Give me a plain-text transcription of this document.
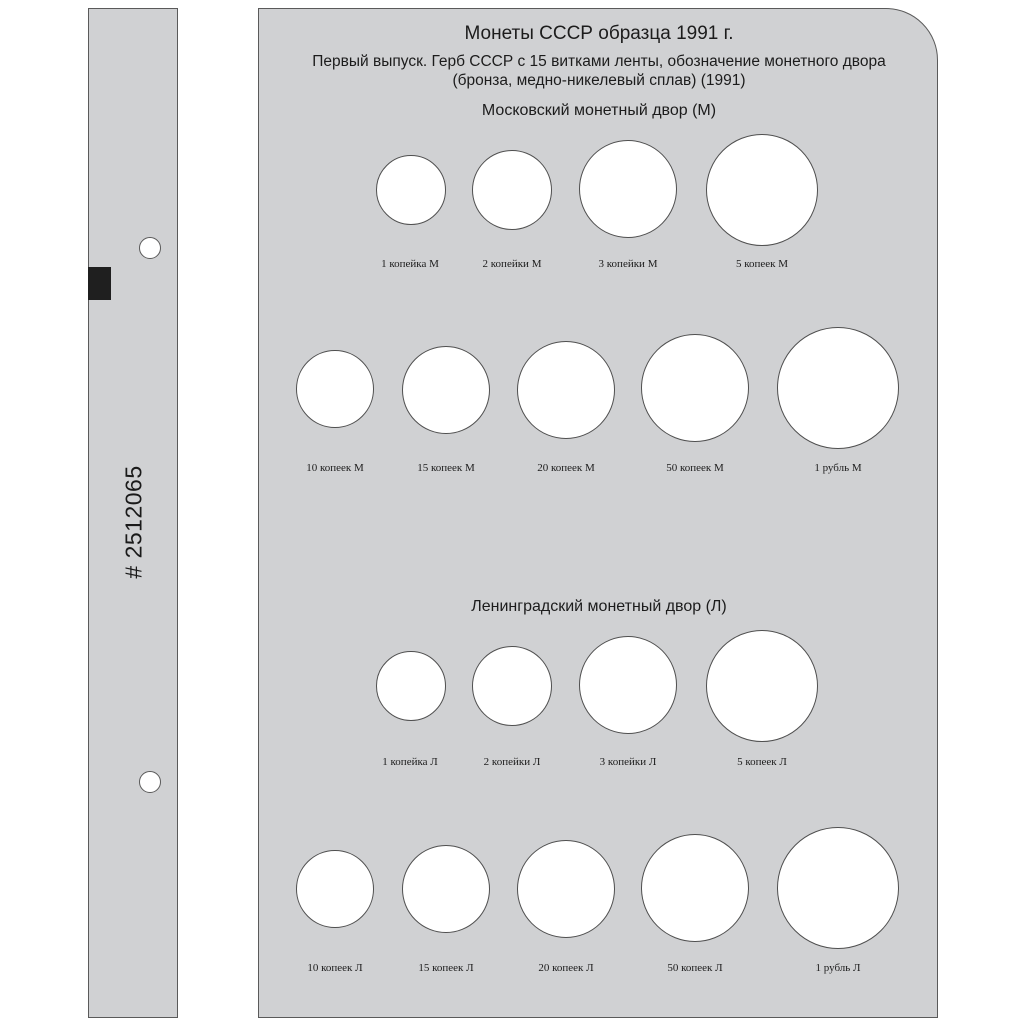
# 2512065
Монеты СССР образца 1991 г.
Первый выпуск. Герб СССР с 15 витками ленты, обозначение монетного двора
(бронза, медно-никелевый сплав) (1991)
Московский монетный двор (М)
1 копейка М	2 копейки М	3 копейки М	5 копеек М
10 копеек М	15 копеек М	20 копеек М	50 копеек М	1 рубль М
Ленинградский монетный двор (Л)
1 копейка Л	2 копейки Л	3 копейки Л	5 копеек Л
10 копеек Л	15 копеек Л	20 копеек Л	50 копеек Л	1 рубль Л
